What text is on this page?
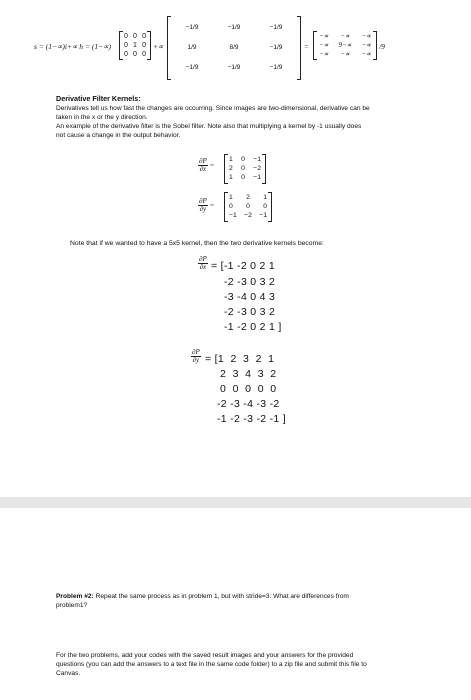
s = (1−∝)i+∝ h = (1−∝)
0 0 0
0 1 0
0 0 0
+∝
−1/9	−1/9	−1/9
1/9	8/9	−1/9
−1/9	−1/9	−1/9
=
−∝ −∝ −∝
−∝ 9−∝ −∝
−∝ −∝ −∝
/9
Derivative Filter Kernels:
Derivatives tell us how fast the changes are occurring. Since images are two-dimensional, derivative can be
taken in the x or the y direction.
An example of the derivative filter is the Sobel filter. Note also that multiplying a kernel by -1 usually does
not cause a change in the output behavior.
$\frac{\partial P}{\partial x}$ =
1 0 −1
2 0 −2
1 0 −1
$\frac{\partial P}{\partial y}$ =
1 2 1
0 0 0
−1 −2 −1
Note that if we wanted to have a 5x5 kernel, then the two derivative kernels become:
$\frac{\partial P}{\partial x} = [-1$ -2 0 2 1
-2 -3 0 3 2
-3 -4 0 4 3
-2 -3 0 3 2
-1 -2 0 2 1 ]
$\frac{\partial P}{\partial y} = [1$  2  3  2  1
2  3  4  3  2
0  0  0  0  0
-2 -3 -4 -3 -2
-1 -2 -3 -2 -1 ]
Problem #2: Repeat the same process as in problem 1, but with stride=3. What are differences from
problem1?
For the two problems, add your codes with the saved result images and your answers for the provided
questions (you can add the answers to a text file in the same code folder) to a zip file and submit this file to
Canvas.
